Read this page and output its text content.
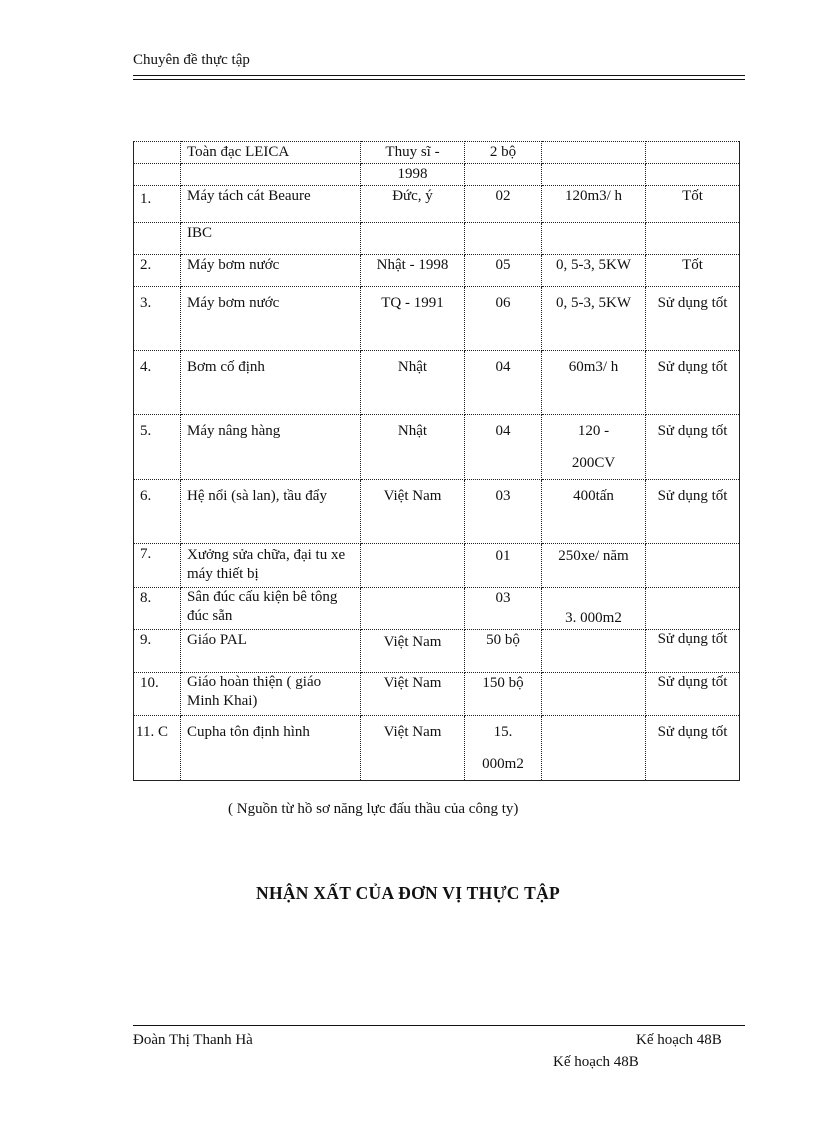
Chuyên đề thực tập
	Toàn đạc LEICA	Thuy sĩ -	2 bộ		
		1998			
1.	Máy tách cát Beaure	Đức, ý	02	120m3/ h	Tốt
	IBC				
2.	Máy bơm nước	Nhật - 1998	05	0, 5-3, 5KW	Tốt
3.	Máy bơm nước	TQ - 1991	06	0, 5-3, 5KW	Sử dụng tốt
4.	Bơm cố định	Nhật	04	60m3/ h	Sử dụng tốt
5.	Máy nâng hàng	Nhật	04	120 - 200CV	Sử dụng tốt
6.	Hệ nổi (sà lan), tầu đẩy	Việt Nam	03	400tấn	Sử dụng tốt
7.	Xưởng sửa chữa, đại tu xe máy thiết bị		01	250xe/ năm	
8.	Sân đúc cấu kiện bê tông đúc sẵn		03	3. 000m2	
9.	Giáo PAL	Việt Nam	50 bộ		Sử dụng tốt
10.	Giáo hoàn thiện ( giáo Minh Khai)	Việt Nam	150 bộ		Sử dụng tốt
11. C	Cupha tôn định hình	Việt Nam	15. 000m2		Sử dụng tốt
( Nguồn từ hồ sơ năng lực đấu thầu của công ty)
NHẬN XẤT CỦA ĐƠN VỊ THỰC TẬP
Đoàn Thị Thanh Hà	Kế hoạch 48B
Kế hoạch 48B
